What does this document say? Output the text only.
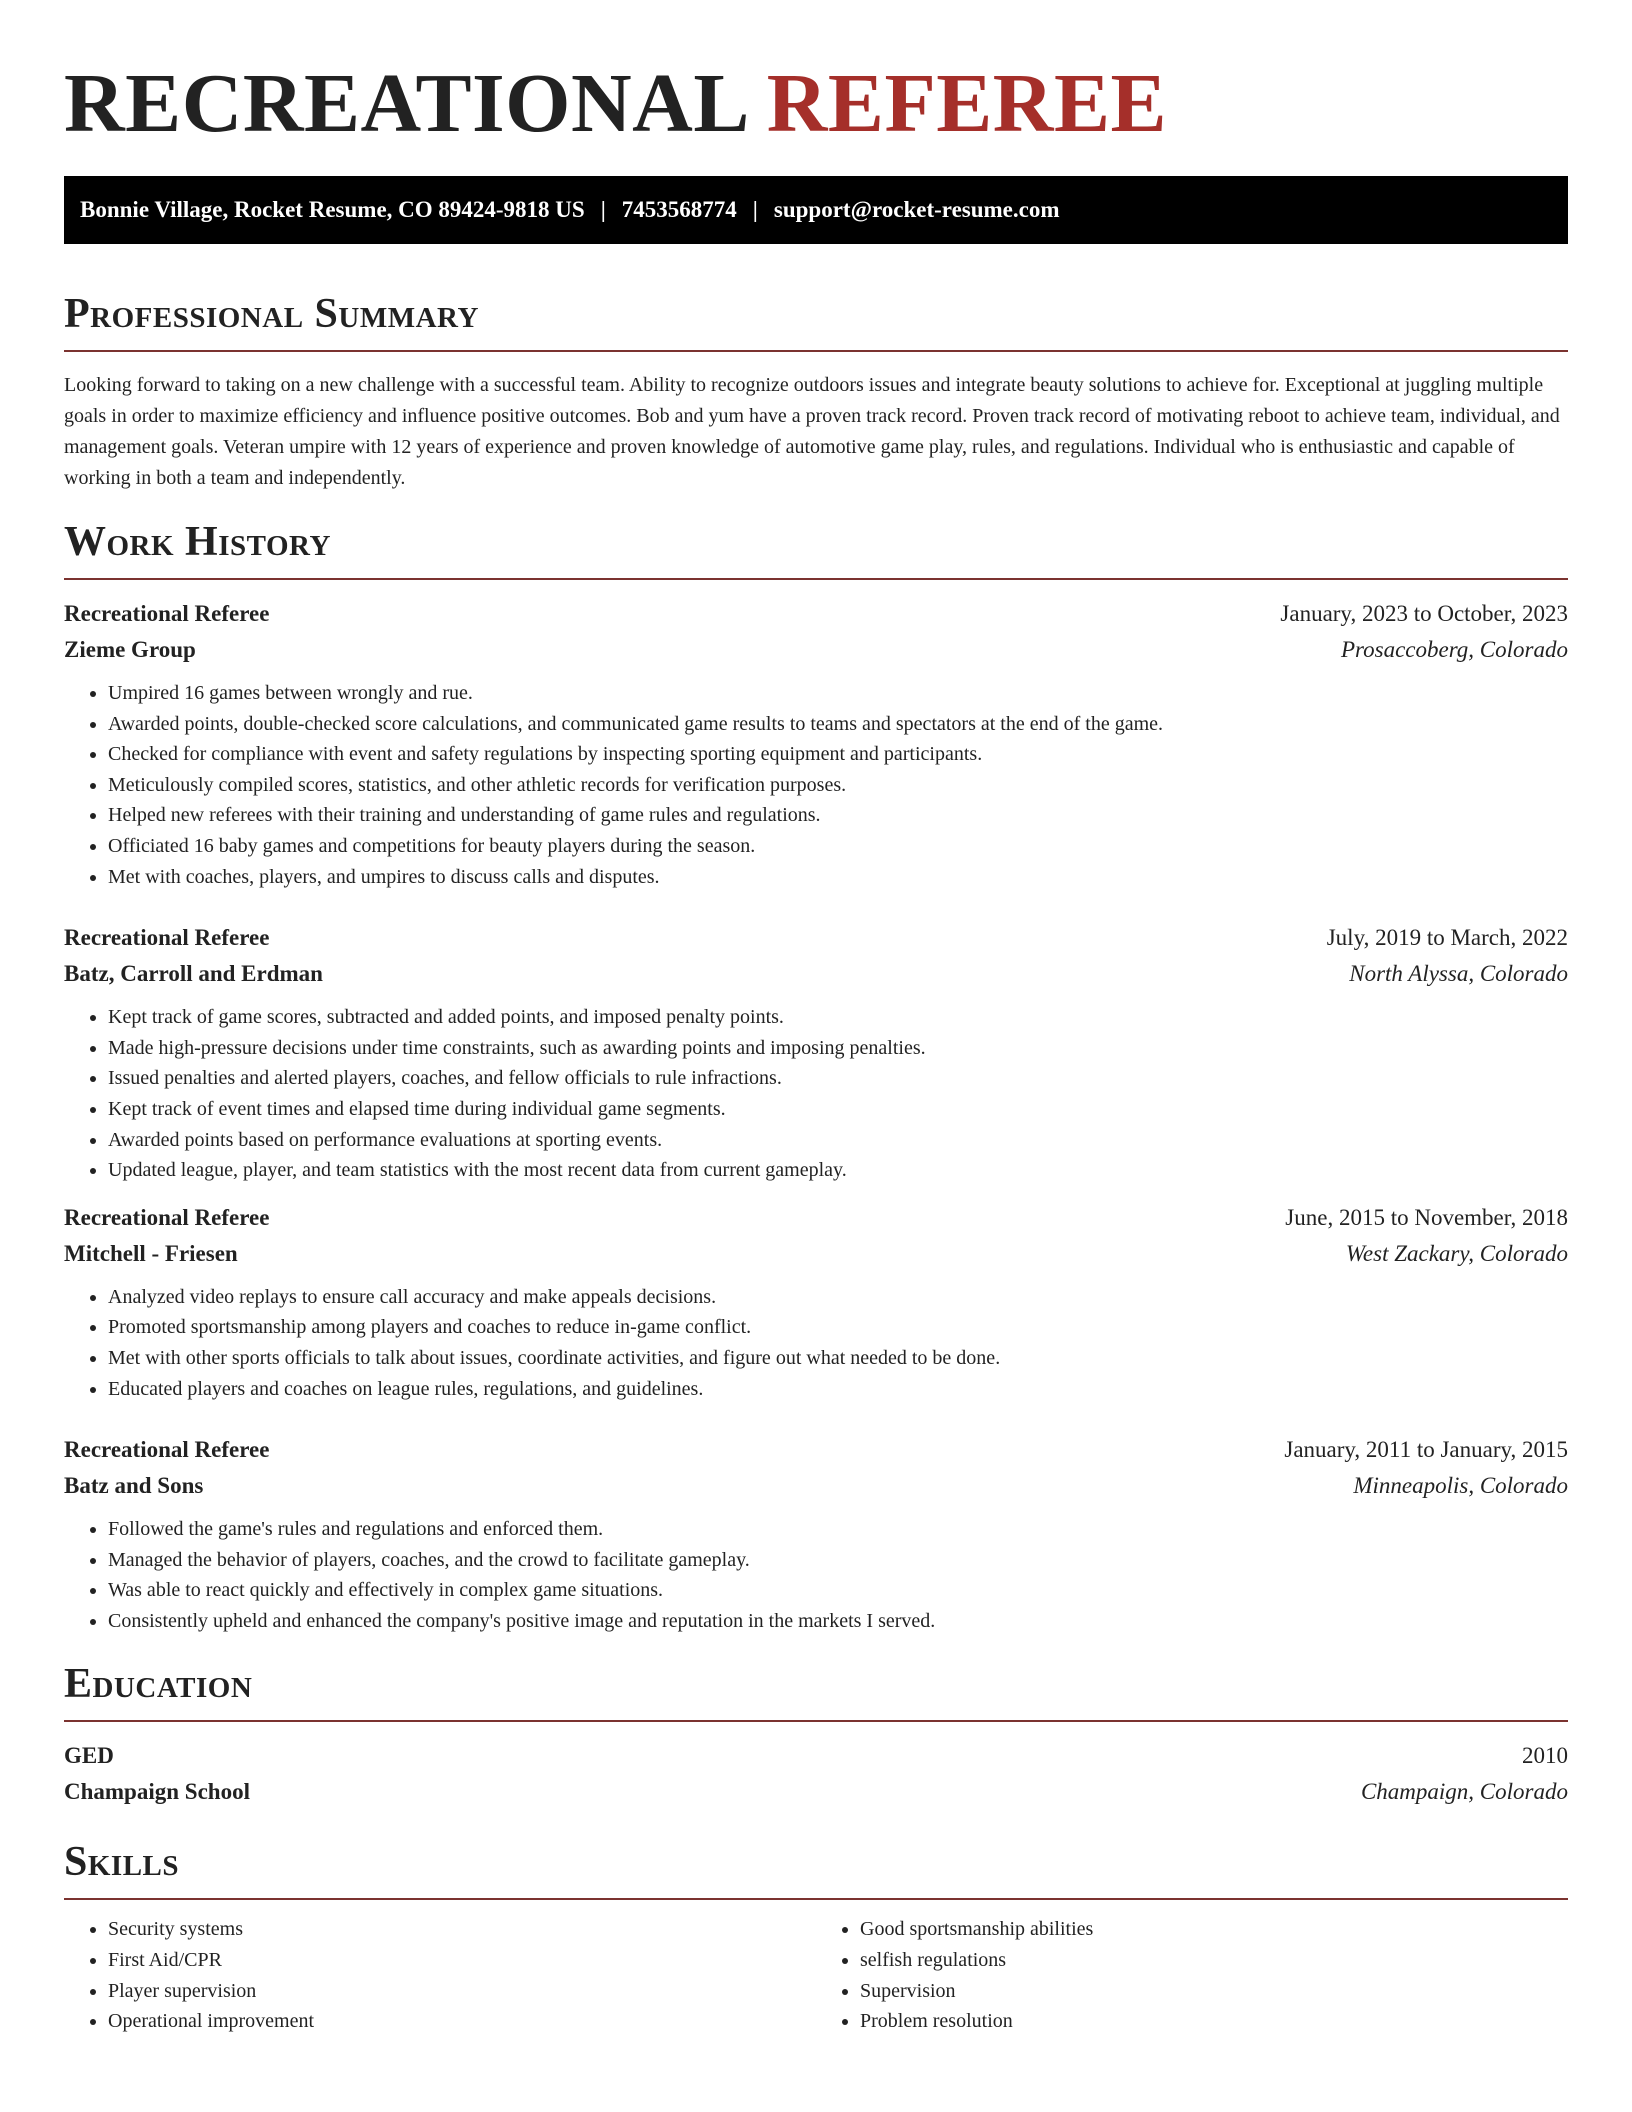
RECREATIONAL REFEREE
Bonnie Village, Rocket Resume, CO 89424-9818 US | 7453568774 | support@rocket-resume.com
Professional Summary

Looking forward to taking on a new challenge with a successful team. Ability to recognize outdoors issues and integrate beauty solutions to achieve for. Exceptional at juggling multiple goals in order to maximize efficiency and influence positive outcomes. Bob and yum have a proven track record. Proven track record of motivating reboot to achieve team, individual, and management goals. Veteran umpire with 12 years of experience and proven knowledge of automotive game play, rules, and regulations. Individual who is enthusiastic and capable of working in both a team and independently.

Work History
Recreational Referee	January, 2023 to October, 2023
Zieme Group	Prosaccoberg, Colorado
• Umpired 16 games between wrongly and rue.
• Awarded points, double-checked score calculations, and communicated game results to teams and spectators at the end of the game.
• Checked for compliance with event and safety regulations by inspecting sporting equipment and participants.
• Meticulously compiled scores, statistics, and other athletic records for verification purposes.
• Helped new referees with their training and understanding of game rules and regulations.
• Officiated 16 baby games and competitions for beauty players during the season.
• Met with coaches, players, and umpires to discuss calls and disputes.
Recreational Referee	July, 2019 to March, 2022
Batz, Carroll and Erdman	North Alyssa, Colorado
• Kept track of game scores, subtracted and added points, and imposed penalty points.
• Made high-pressure decisions under time constraints, such as awarding points and imposing penalties.
• Issued penalties and alerted players, coaches, and fellow officials to rule infractions.
• Kept track of event times and elapsed time during individual game segments.
• Awarded points based on performance evaluations at sporting events.
• Updated league, player, and team statistics with the most recent data from current gameplay.
Recreational Referee	June, 2015 to November, 2018
Mitchell - Friesen	West Zackary, Colorado
• Analyzed video replays to ensure call accuracy and make appeals decisions.
• Promoted sportsmanship among players and coaches to reduce in-game conflict.
• Met with other sports officials to talk about issues, coordinate activities, and figure out what needed to be done.
• Educated players and coaches on league rules, regulations, and guidelines.
Recreational Referee	January, 2011 to January, 2015
Batz and Sons	Minneapolis, Colorado
• Followed the game's rules and regulations and enforced them.
• Managed the behavior of players, coaches, and the crowd to facilitate gameplay.
• Was able to react quickly and effectively in complex game situations.
• Consistently upheld and enhanced the company's positive image and reputation in the markets I served.
Education
GED	2010
Champaign School	Champaign, Colorado
Skills
• Security systems
• First Aid/CPR
• Player supervision
• Operational improvement
• Good sportsmanship abilities
• selfish regulations
• Supervision
• Problem resolution
